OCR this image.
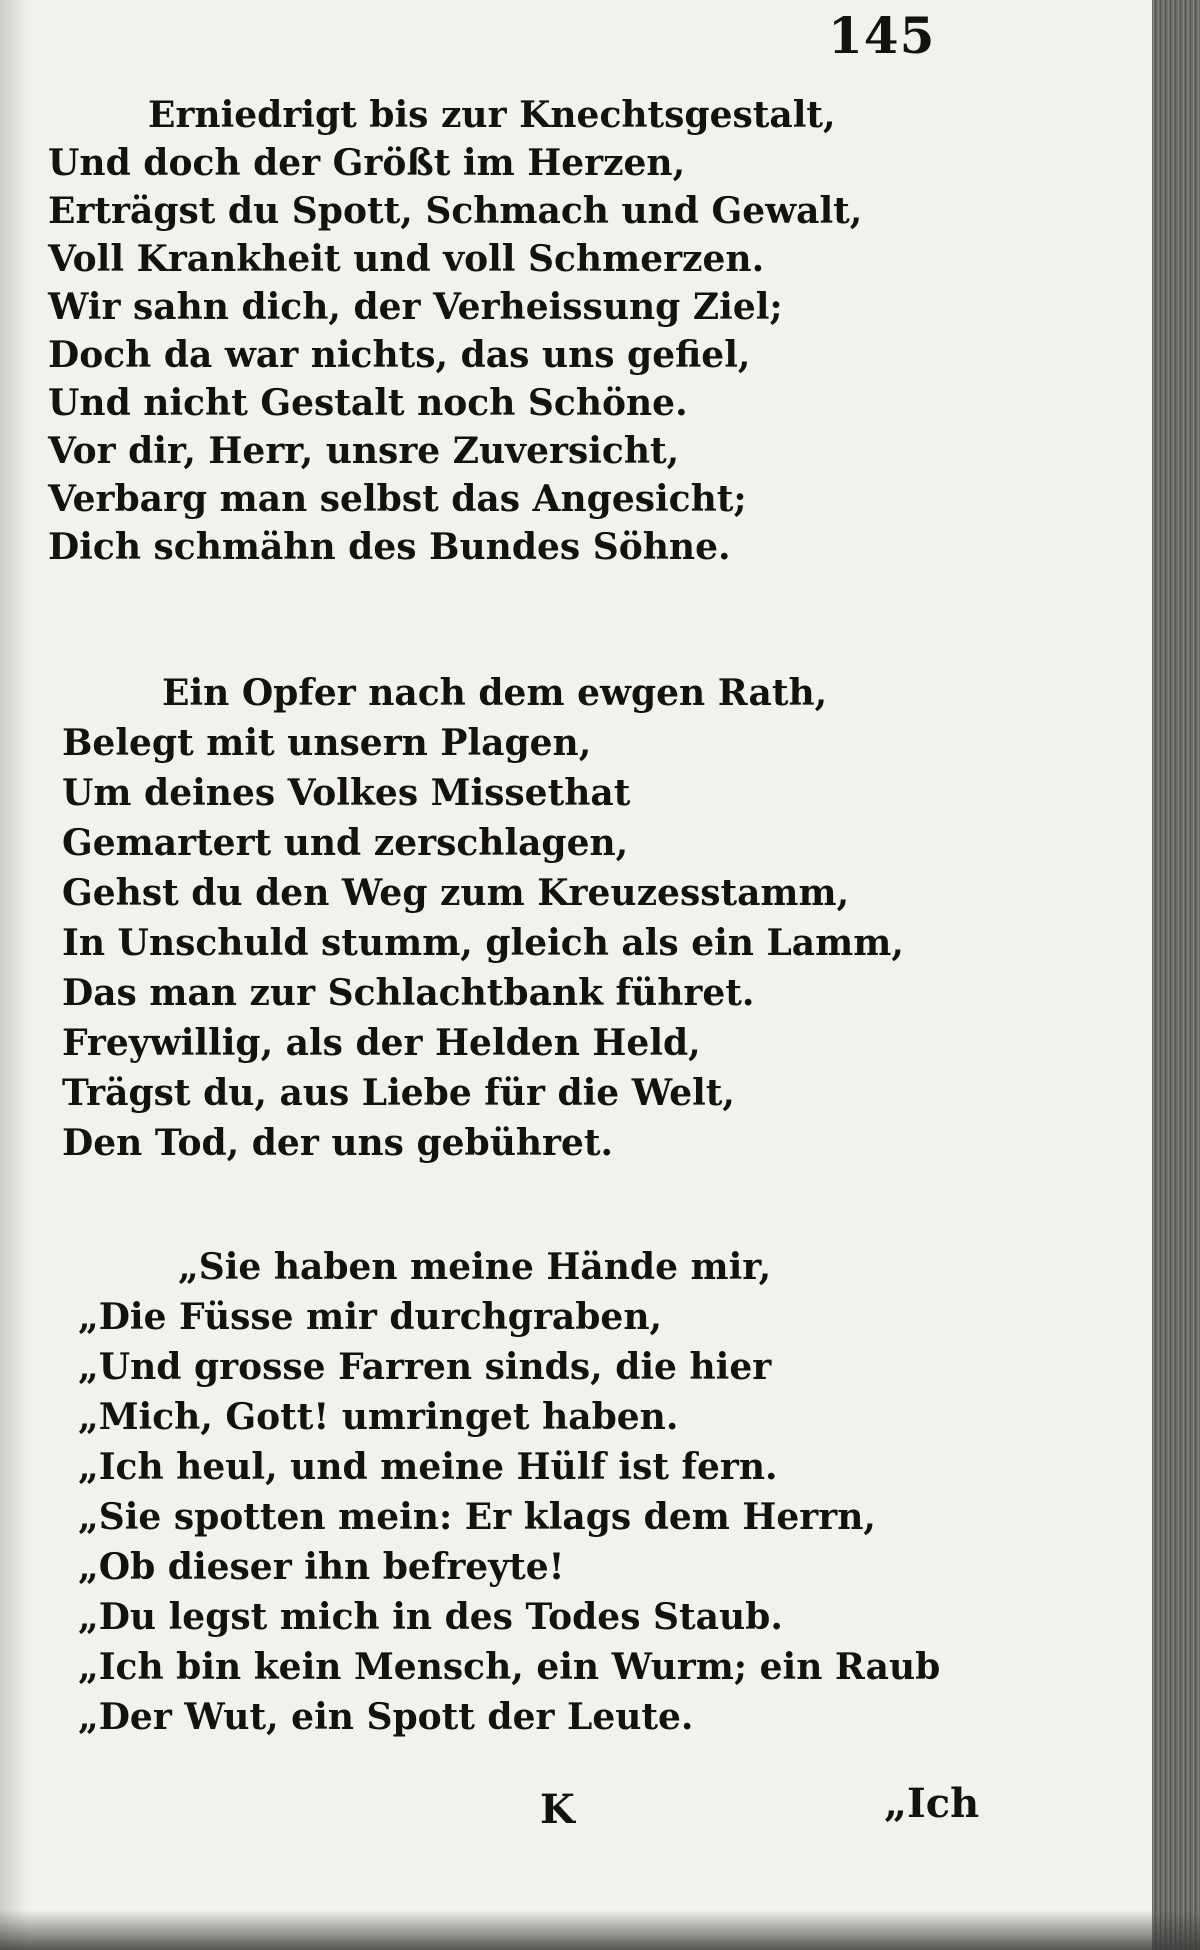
145
Erniedrigt bis zur Knechtsgestalt,
Und doch der Größt im Herzen,
Erträgst du Spott, Schmach und Gewalt,
Voll Krankheit und voll Schmerzen.
Wir sahn dich, der Verheissung Ziel;
Doch da war nichts, das uns gefiel,
Und nicht Gestalt noch Schöne.
Vor dir, Herr, unsre Zuversicht,
Verbarg man selbst das Angesicht;
Dich schmähn des Bundes Söhne.
Ein Opfer nach dem ewgen Rath,
Belegt mit unsern Plagen,
Um deines Volkes Missethat
Gemartert und zerschlagen,
Gehst du den Weg zum Kreuzesstamm,
In Unschuld stumm, gleich als ein Lamm,
Das man zur Schlachtbank führet.
Freywillig, als der Helden Held,
Trägst du, aus Liebe für die Welt,
Den Tod, der uns gebühret.
„Sie haben meine Hände mir,
„Die Füsse mir durchgraben,
„Und grosse Farren sinds, die hier
„Mich, Gott! umringet haben.
„Ich heul, und meine Hülf ist fern.
„Sie spotten mein: Er klags dem Herrn,
„Ob dieser ihn befreyte!
„Du legst mich in des Todes Staub.
„Ich bin kein Mensch, ein Wurm; ein Raub
„Der Wut, ein Spott der Leute.
K	„Ich
